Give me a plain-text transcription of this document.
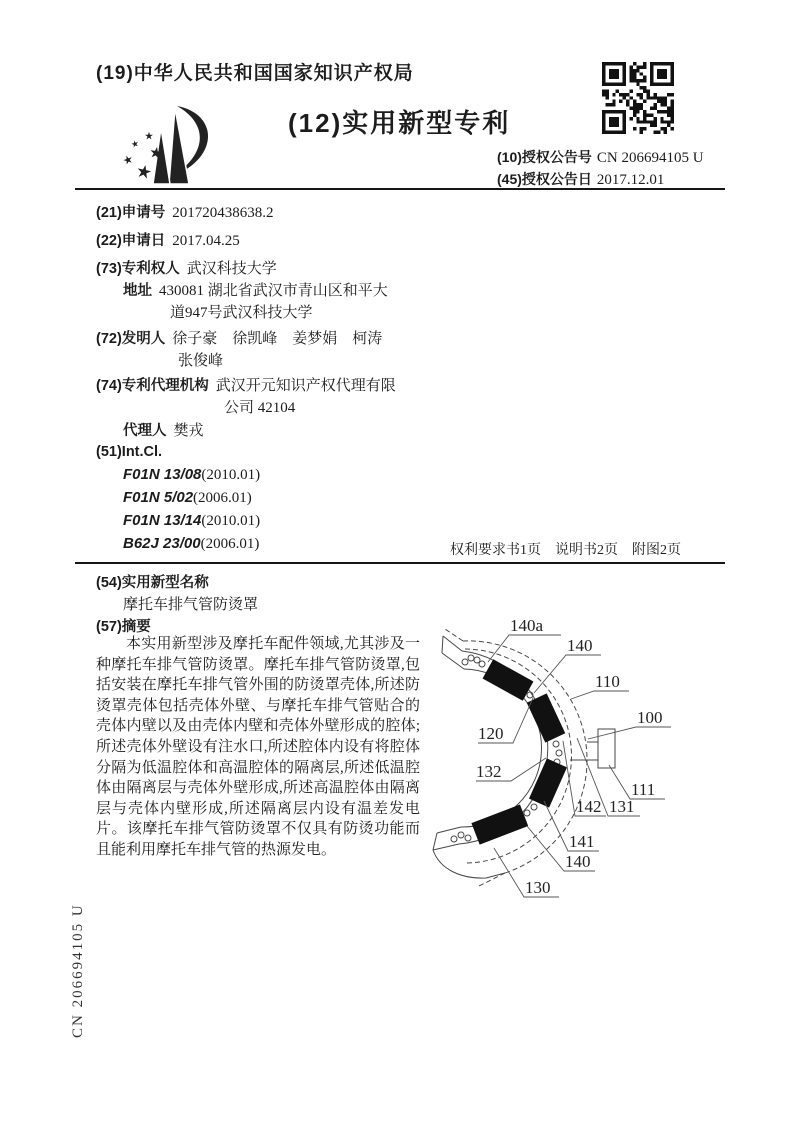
(19)中华人民共和国国家知识产权局
(12)实用新型专利
(10)授权公告号 CN 206694105 U
(45)授权公告日 2017.12.01
(21)申请号 201720438638.2
(22)申请日 2017.04.25
(73)专利权人 武汉科技大学
地址 430081 湖北省武汉市青山区和平大
道947号武汉科技大学
(72)发明人 徐子豪　徐凯峰　姜梦娟　柯涛
张俊峰
(74)专利代理机构 武汉开元知识产权代理有限
公司 42104
代理人 樊戎
(51)Int.Cl.
F01N 13/08(2010.01)
F01N 5/02(2006.01)
F01N 13/14(2010.01)
B62J 23/00(2006.01)	权利要求书1页　说明书2页　附图2页
(54)实用新型名称
摩托车排气管防烫罩
(57)摘要
本实用新型涉及摩托车配件领域,尤其涉及一种摩托车排气管防烫罩。摩托车排气管防烫罩,包括安装在摩托车排气管外围的防烫罩壳体,所述防烫罩壳体包括壳体外壁、与摩托车排气管贴合的壳体内壁以及由壳体内壁和壳体外壁形成的腔体;所述壳体外壁设有注水口,所述腔体内设有将腔体分隔为低温腔体和高温腔体的隔离层,所述低温腔体由隔离层与壳体外壁形成,所述高温腔体由隔离层与壳体内壁形成,所述隔离层内设有温差发电片。该摩托车排气管防烫罩不仅具有防烫功能而且能利用摩托车排气管的热源发电。
140a
140
110
100
120
132
111
142 131
141
140
130
CN 206694105 U
